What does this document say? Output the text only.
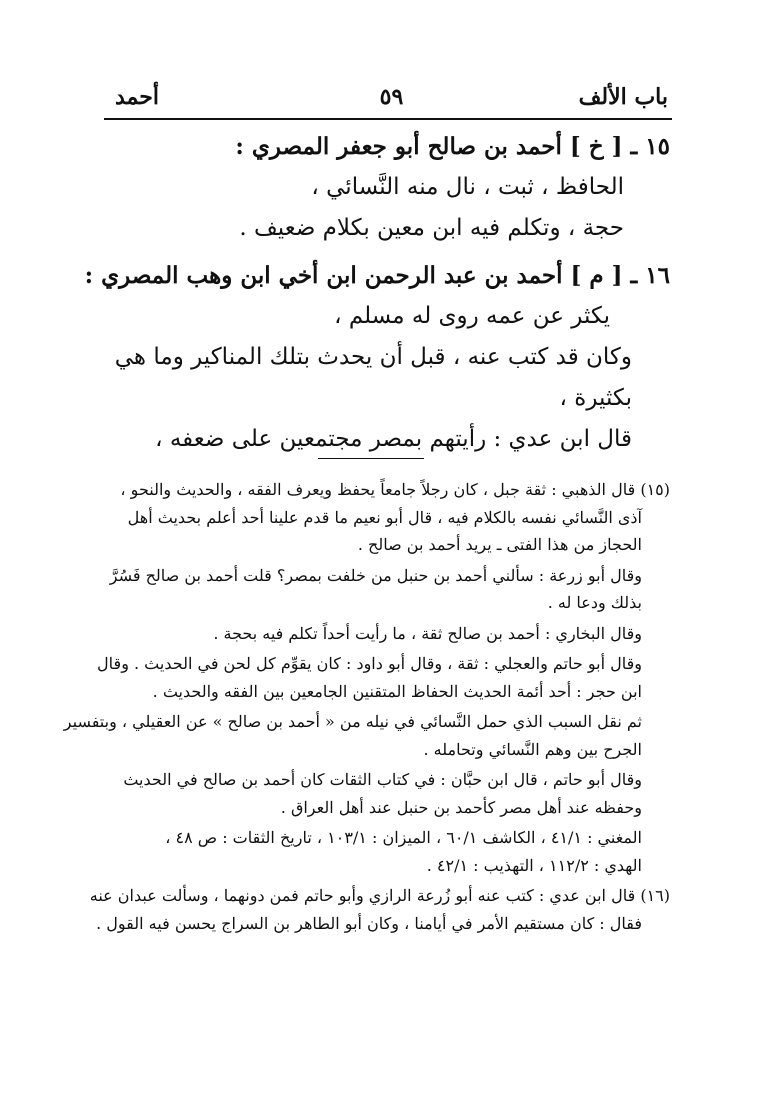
باب الألف
٥٩
أحمد
١٥ ـ [ خ ] أحمد بن صالح أبو جعفر المصري :
الحافظ ، ثبت ، نال منه النَّسائي ،
حجة ، وتكلم فيه ابن معين بكلام ضعيف .
١٦ ـ [ م ] أحمد بن عبد الرحمن ابن أخي ابن وهب المصري :
يكثر عن عمه روى له مسلم ،
وكان قد كتب عنه ، قبل أن يحدث بتلك المناكير وما هي
بكثيرة ،
قال ابن عدي : رأيتهم بمصر مجتمعين على ضعفه ،
(١٥) قال الذهبي : ثقة جبل ، كان رجلاً جامعاً يحفظ ويعرف الفقه ، والحديث والنحو ،
آذى النَّسائي نفسه بالكلام فيه ، قال أبو نعيم ما قدم علينا أحد أعلم بحديث أهل
الحجاز من هذا الفتى ـ يريد أحمد بن صالح .
وقال أبو زرعة : سألني أحمد بن حنبل من خلفت بمصر؟ قلت أحمد بن صالح فَسُرَّ
بذلك ودعا له .
وقال البخاري : أحمد بن صالح ثقة ، ما رأيت أحداً تكلم فيه بحجة .
وقال أبو حاتم والعجلي : ثقة ، وقال أبو داود : كان يقوِّم كل لحن في الحديث . وقال
ابن حجر : أحد أئمة الحديث الحفاظ المتقنين الجامعين بين الفقه والحديث .
ثم نقل السبب الذي حمل النَّسائي في نيله من « أحمد بن صالح » عن العقيلي ، وبتفسير
الجرح بين وهم النَّسائي وتحامله .
وقال أبو حاتم ، قال ابن حبَّان : في كتاب الثقات كان أحمد بن صالح في الحديث
وحفظه عند أهل مصر كأحمد بن حنبل عند أهل العراق .
المغني : ٤١/١ ، الكاشف ٦٠/١ ، الميزان : ١٠٣/١ ، تاريخ الثقات : ص ٤٨ ،
الهدي : ١١٢/٢ ، التهذيب : ٤٢/١ .
(١٦) قال ابن عدي : كتب عنه أبو زُرعة الرازي وأبو حاتم فمن دونهما ، وسألت عبدان عنه
فقال : كان مستقيم الأمر في أيامنا ، وكان أبو الطاهر بن السراج يحسن فيه القول .
